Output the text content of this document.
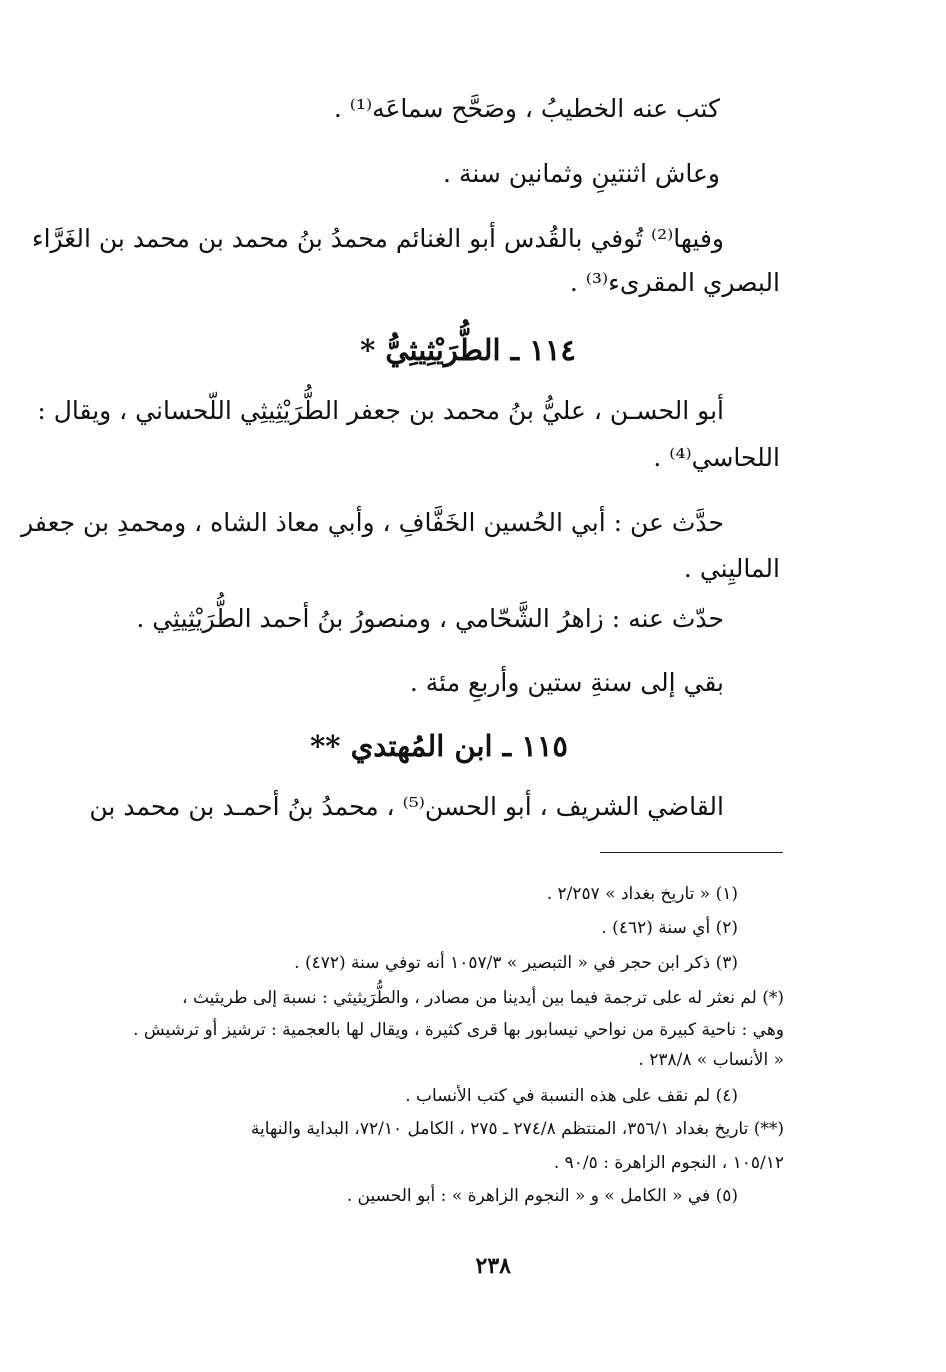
كتب عنه الخطيبُ ، وصَحَّح سماعَه⁽¹⁾ .
وعاش اثنتينِ وثمانين سنة .
وفيها⁽²⁾ تُوفي بالقُدس أبو الغنائم محمدُ بنُ محمد بن محمد بن الغَرَّاء
البصري المقرىء⁽³⁾ .
١١٤ ـ الطُّرَيْثِيثِيُّ *
أبو الحسـن ، عليُّ بنُ محمد بن جعفر الطُّرَيْثِيثِي اللّحساني ، ويقال :
اللحاسي⁽⁴⁾ .
حدَّث عن : أبي الحُسين الخَفَّافِ ، وأبي معاذ الشاه ، ومحمدِ بن جعفر
الماليِني .
حدّث عنه : زاهرُ الشَّحّامي ، ومنصورُ بنُ أحمد الطُّرَيْثِيثِي .
بقي إلى سنةِ ستين وأربعِ مئة .
١١٥ ـ ابن المُهتدي **
القاضي الشريف ، أبو الحسن⁽⁵⁾ ، محمدُ بنُ أحمـد بن محمد بن
(١) « تاريخ بغداد » ٢/٢٥٧ .
(٢) أي سنة (٤٦٢) .
(٣) ذكر ابن حجر في « التبصير » ١٠٥٧/٣ أنه توفي سنة (٤٧٢) .
(*) لم نعثر له على ترجمة فيما بين أيدينا من مصادر ، والطُّرَيثيثي : نسبة إلى طريثيث ،
وهي : ناحية كبيرة من نواحي نيسابور بها قرى كثيرة ، ويقال لها بالعجمية : ترشيز أو ترشيش .
« الأنساب » ٢٣٨/٨ .
(٤) لم نقف على هذه النسبة في كتب الأنساب .
(**) تاريخ بغداد ٣٥٦/١، المنتظم ٢٧٤/٨ ـ ٢٧٥ ، الكامل ٧٢/١٠، البداية والنهاية
١٠٥/١٢ ، النجوم الزاهرة : ٩٠/٥ .
(٥) في « الكامل » و « النجوم الزاهرة » : أبو الحسين .
٢٣٨
